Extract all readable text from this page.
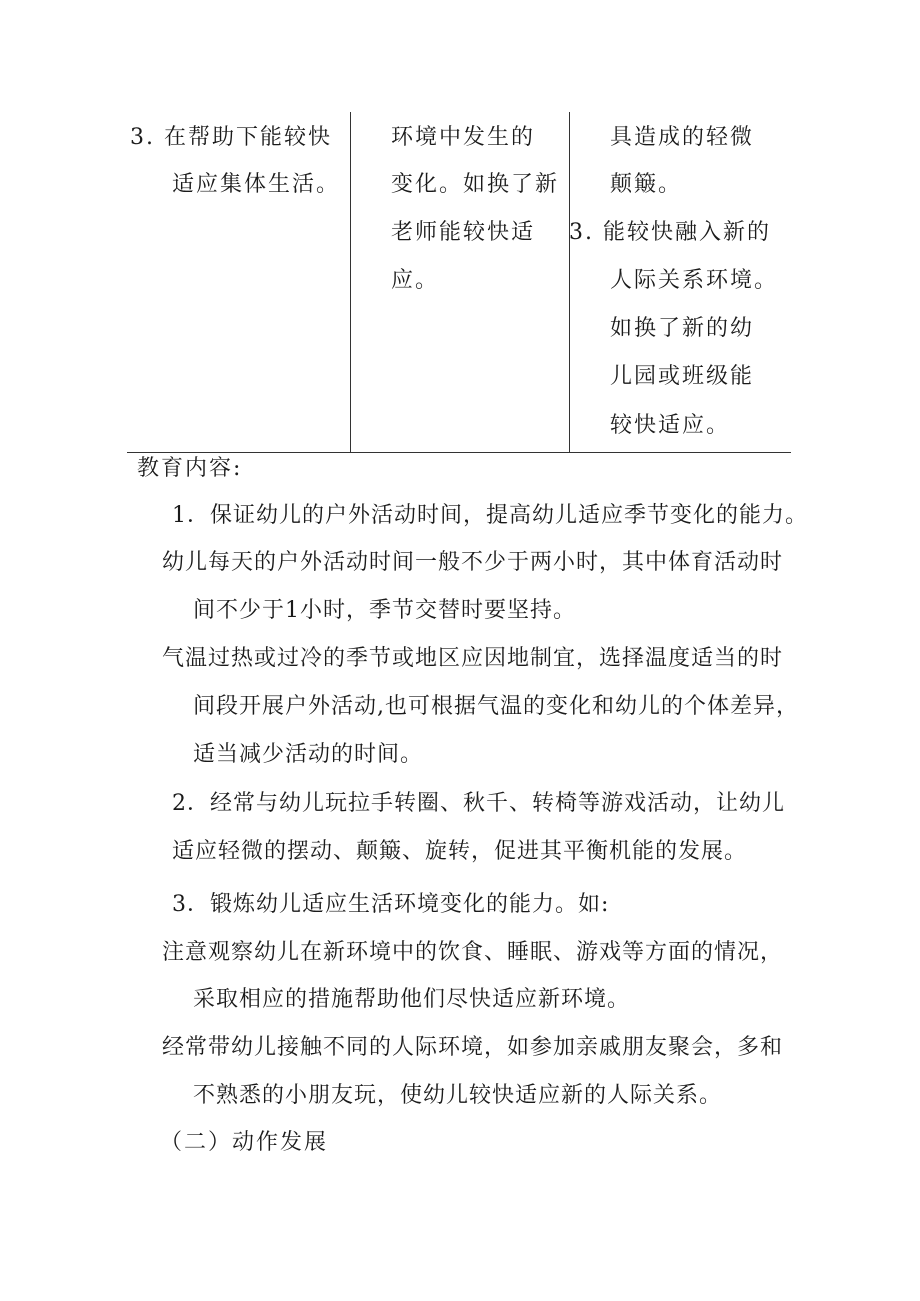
3. 在帮助下能较快
适应集体生活。
环境中发生的
变化。如换了新
老师能较快适
应。
具造成的轻微
颠簸。
3. 能较快融入新的
人际关系环境。
如换了新的幼
儿园或班级能
较快适应。
教育内容:
1．保证幼儿的户外活动时间，提高幼儿适应季节变化的能力。
幼儿每天的户外活动时间一般不少于两小时，其中体育活动时
间不少于1小时，季节交替时要坚持。
气温过热或过冷的季节或地区应因地制宜，选择温度适当的时
间段开展户外活动,也可根据气温的变化和幼儿的个体差异，
适当减少活动的时间。
2．经常与幼儿玩拉手转圈、秋千、转椅等游戏活动，让幼儿
适应轻微的摆动、颠簸、旋转，促进其平衡机能的发展。
3．锻炼幼儿适应生活环境变化的能力。如:
注意观察幼儿在新环境中的饮食、睡眠、游戏等方面的情况，
采取相应的措施帮助他们尽快适应新环境。
经常带幼儿接触不同的人际环境，如参加亲戚朋友聚会，多和
不熟悉的小朋友玩，使幼儿较快适应新的人际关系。
（二）动作发展
